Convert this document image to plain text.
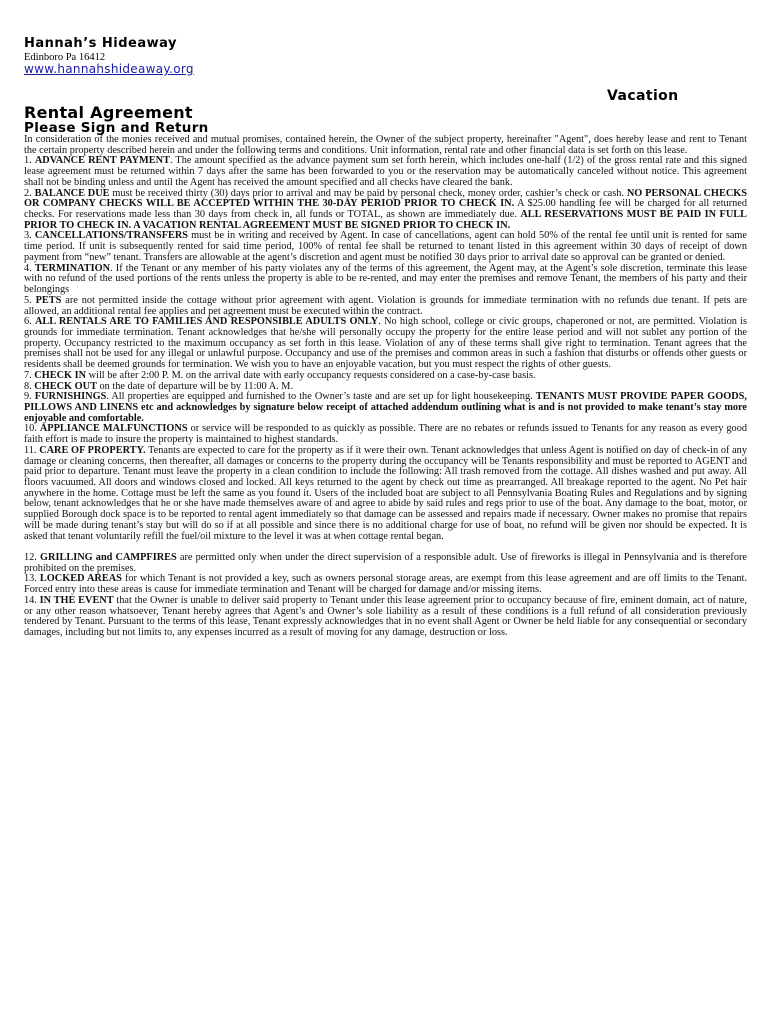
Hannah’s Hideaway
Edinboro Pa 16412
www.hannahshideaway.org
Vacation
Rental Agreement
Please Sign and Return

In consideration of the monies received and mutual promises, contained herein, the Owner of the subject property, hereinafter "Agent", does hereby lease and rent to Tenant the certain property described herein and under the following terms and conditions. Unit information, rental rate and other financial data is set forth on this lease.

1. ADVANCE RENT PAYMENT. The amount specified as the advance payment sum set forth herein, which includes one-half (1/2) of the gross rental rate and this signed lease agreement must be returned within 7 days after the same has been forwarded to you or the reservation may be automatically canceled without notice. This agreement shall not be binding unless and until the Agent has received the amount specified and all checks have cleared the bank.

2. BALANCE DUE must be received thirty (30) days prior to arrival and may be paid by personal check, money order, cashier’s check or cash. NO PERSONAL CHECKS OR COMPANY CHECKS WILL BE ACCEPTED WITHIN THE 30-DAY PERIOD PRIOR TO CHECK IN. A $25.00 handling fee will be charged for all returned checks. For reservations made less than 30 days from check in, all funds or TOTAL, as shown are immediately due. ALL RESERVATIONS MUST BE PAID IN FULL PRIOR TO CHECK IN. A VACATION RENTAL AGREEMENT MUST BE SIGNED PRIOR TO CHECK IN.

3. CANCELLATIONS/TRANSFERS must be in writing and received by Agent. In case of cancellations, agent can hold 50% of the rental fee until unit is rented for same time period. If unit is subsequently rented for said time period, 100% of rental fee shall be returned to tenant listed in this agreement within 30 days of receipt of down payment from “new” tenant. Transfers are allowable at the agent’s discretion and agent must be notified 30 days prior to arrival date so approval can be granted or denied.

4. TERMINATION. If the Tenant or any member of his party violates any of the terms of this agreement, the Agent may, at the Agent’s sole discretion, terminate this lease with no refund of the used portions of the rents unless the property is able to be re-rented, and may enter the premises and remove Tenant, the members of his party and their belongings

5. PETS are not permitted inside the cottage without prior agreement with agent. Violation is grounds for immediate termination with no refunds due tenant. If pets are allowed, an additional rental fee applies and pet agreement must be executed within the contract.

6. ALL RENTALS ARE TO FAMILIES AND RESPONSIBLE ADULTS ONLY. No high school, college or civic groups, chaperoned or not, are permitted. Violation is grounds for immediate termination. Tenant acknowledges that he/she will personally occupy the property for the entire lease period and will not sublet any portion of the property. Occupancy restricted to the maximum occupancy as set forth in this lease. Violation of any of these terms shall give right to termination. Tenant agrees that the premises shall not be used for any illegal or unlawful purpose. Occupancy and use of the premises and common areas in such a fashion that disturbs or offends other guests or residents shall be deemed grounds for termination. We wish you to have an enjoyable vacation, but you must respect the rights of other guests.

7. CHECK IN will be after 2:00 P. M. on the arrival date with early occupancy requests considered on a case-by-case basis.

8. CHECK OUT on the date of departure will be by 11:00 A. M.

9. FURNISHINGS. All properties are equipped and furnished to the Owner’s taste and are set up for light housekeeping. TENANTS MUST PROVIDE PAPER GOODS, PILLOWS AND LINENS etc and acknowledges by signature below receipt of attached addendum outlining what is and is not provided to make tenant’s stay more enjoyable and comfortable.

10. APPLIANCE MALFUNCTIONS or service will be responded to as quickly as possible. There are no rebates or refunds issued to Tenants for any reason as every good faith effort is made to insure the property is maintained to highest standards.

11. CARE OF PROPERTY. Tenants are expected to care for the property as if it were their own. Tenant acknowledges that unless Agent is notified on day of check-in of any damage or cleaning concerns, then thereafter, all damages or concerns to the property during the occupancy will be Tenants responsibility and must be reported to AGENT and paid prior to departure. Tenant must leave the property in a clean condition to include the following: All trash removed from the cottage. All dishes washed and put away. All floors vacuumed. All doors and windows closed and locked. All keys returned to the agent by check out time as prearranged. All breakage reported to the agent. No Pet hair anywhere in the home. Cottage must be left the same as you found it. Users of the included boat are subject to all Pennsylvania Boating Rules and Regulations and by signing below, tenant acknowledges that he or she have made themselves aware of and agree to abide by said rules and regs prior to use of the boat. Any damage to the boat, motor, or supplied Borough dock space is to be reported to rental agent immediately so that damage can be assessed and repairs made if necessary. Owner makes no promise that repairs will be made during tenant’s stay but will do so if at all possible and since there is no additional charge for use of boat, no refund will be given nor should be expected. It is asked that tenant voluntarily refill the fuel/oil mixture to the level it was at when cottage rental began.

12. GRILLING and CAMPFIRES are permitted only when under the direct supervision of a responsible adult. Use of fireworks is illegal in Pennsylvania and is therefore prohibited on the premises.

13. LOCKED AREAS for which Tenant is not provided a key, such as owners personal storage areas, are exempt from this lease agreement and are off limits to the Tenant. Forced entry into these areas is cause for immediate termination and Tenant will be charged for damage and/or missing items.

14. IN THE EVENT that the Owner is unable to deliver said property to Tenant under this lease agreement prior to occupancy because of fire, eminent domain, act of nature, or any other reason whatsoever, Tenant hereby agrees that Agent’s and Owner’s sole liability as a result of these conditions is a full refund of all consideration previously tendered by Tenant. Pursuant to the terms of this lease, Tenant expressly acknowledges that in no event shall Agent or Owner be held liable for any consequential or secondary damages, including but not limits to, any expenses incurred as a result of moving for any damage, destruction or loss.
